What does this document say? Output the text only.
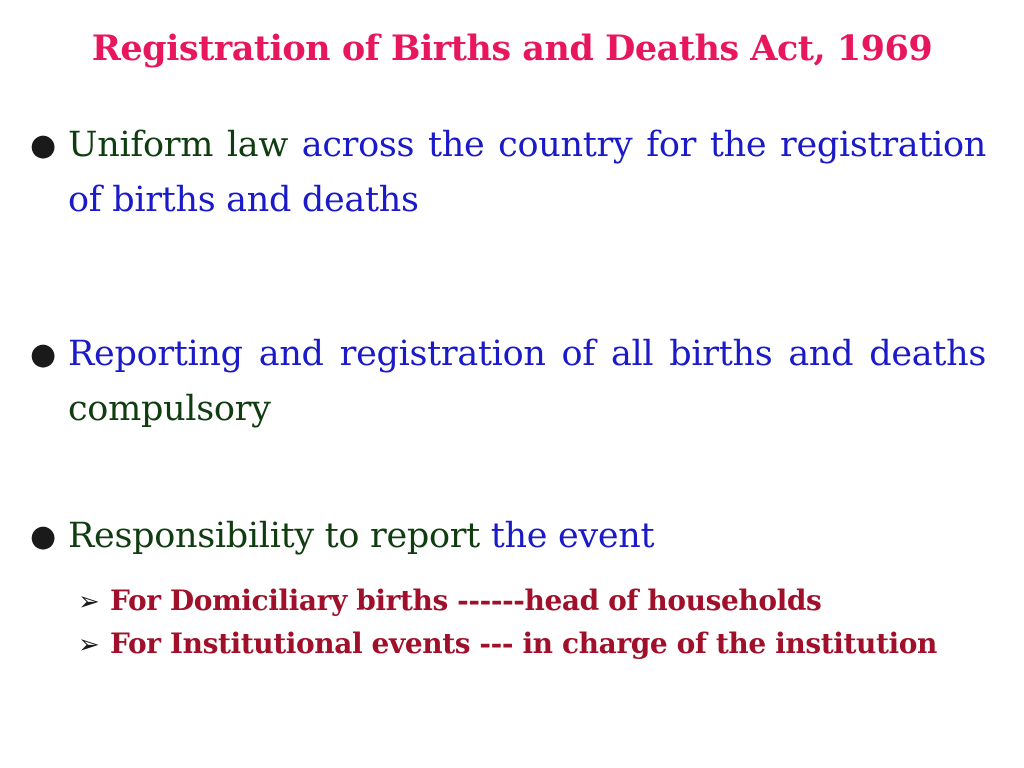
Registration of Births and Deaths Act, 1969
● Uniform law across the country for the registration of births and deaths
● Reporting and registration of all births and deaths compulsory
● Responsibility to report the event
➢ For Domiciliary births ------head of households
➢ For Institutional events --- in charge of the institution
